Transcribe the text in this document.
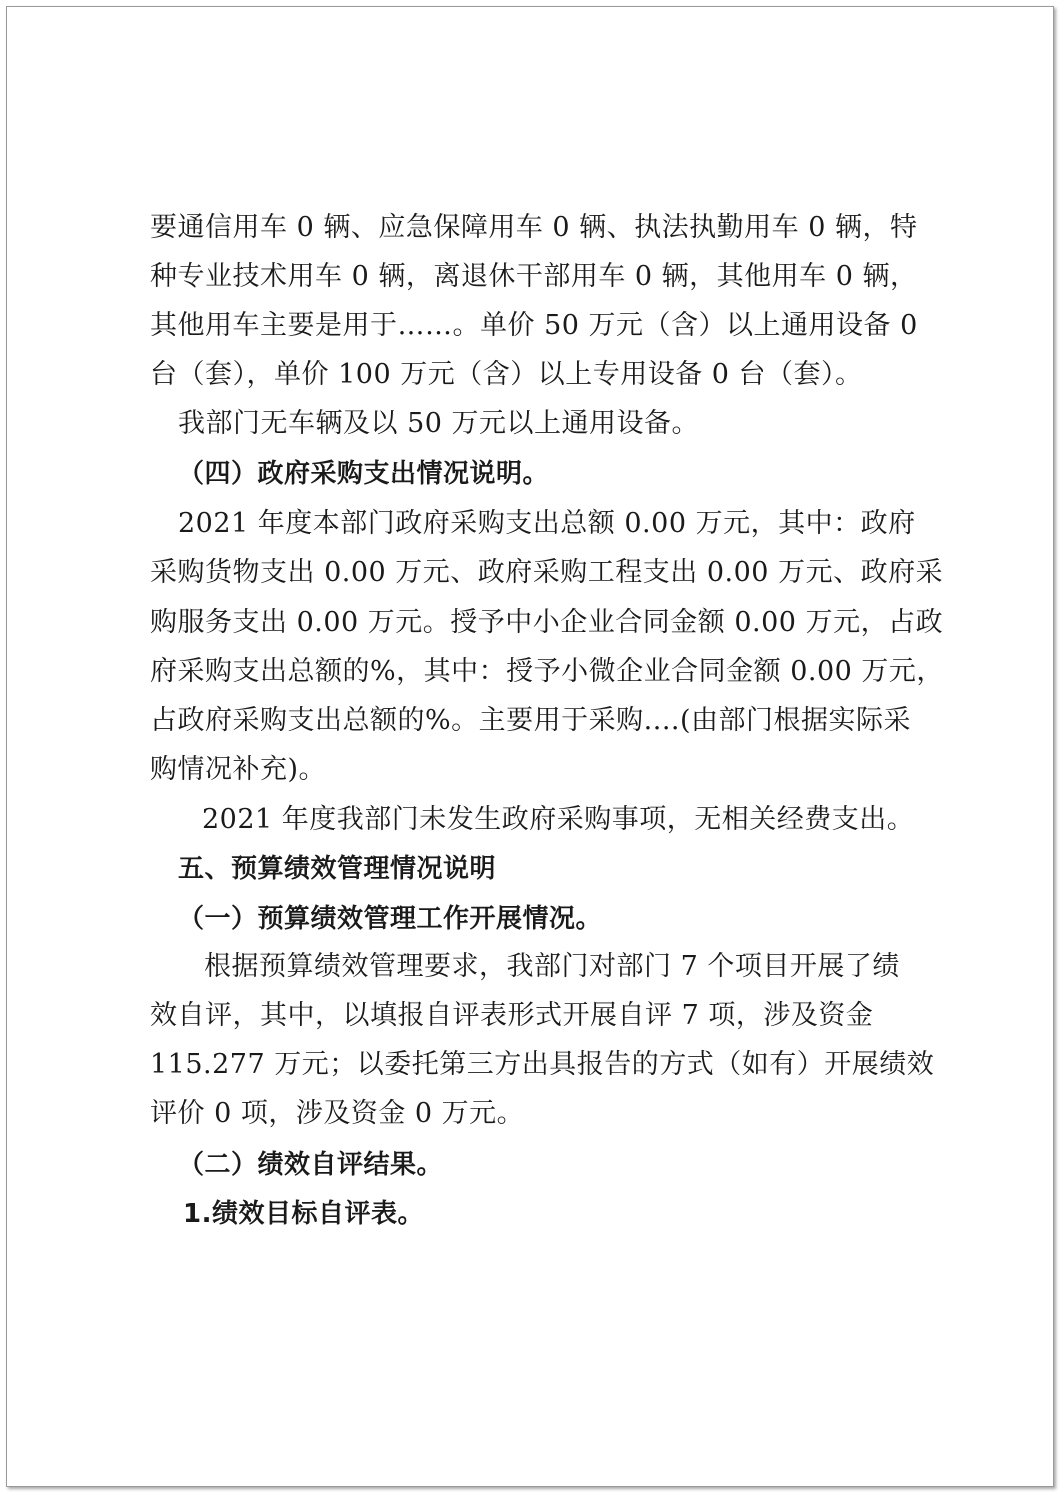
要通信用车 0 辆、应急保障用车 0 辆、执法执勤用车 0 辆，特
种专业技术用车 0 辆，离退休干部用车 0 辆，其他用车 0 辆，
其他用车主要是用于……。单价 50 万元（含）以上通用设备 0
台（套），单价 100 万元（含）以上专用设备 0 台（套）。
我部门无车辆及以 50 万元以上通用设备。
（四）政府采购支出情况说明。
2021 年度本部门政府采购支出总额 0.00 万元，其中：政府
采购货物支出 0.00 万元、政府采购工程支出 0.00 万元、政府采
购服务支出 0.00 万元。授予中小企业合同金额 0.00 万元，占政
府采购支出总额的%，其中：授予小微企业合同金额 0.00 万元，
占政府采购支出总额的%。主要用于采购....(由部门根据实际采
购情况补充)。
2021 年度我部门未发生政府采购事项，无相关经费支出。
五、预算绩效管理情况说明
（一）预算绩效管理工作开展情况。
根据预算绩效管理要求，我部门对部门 7 个项目开展了绩
效自评，其中，以填报自评表形式开展自评 7 项，涉及资金
115.277 万元；以委托第三方出具报告的方式（如有）开展绩效
评价 0 项，涉及资金 0 万元。
（二）绩效自评结果。
1.绩效目标自评表。
